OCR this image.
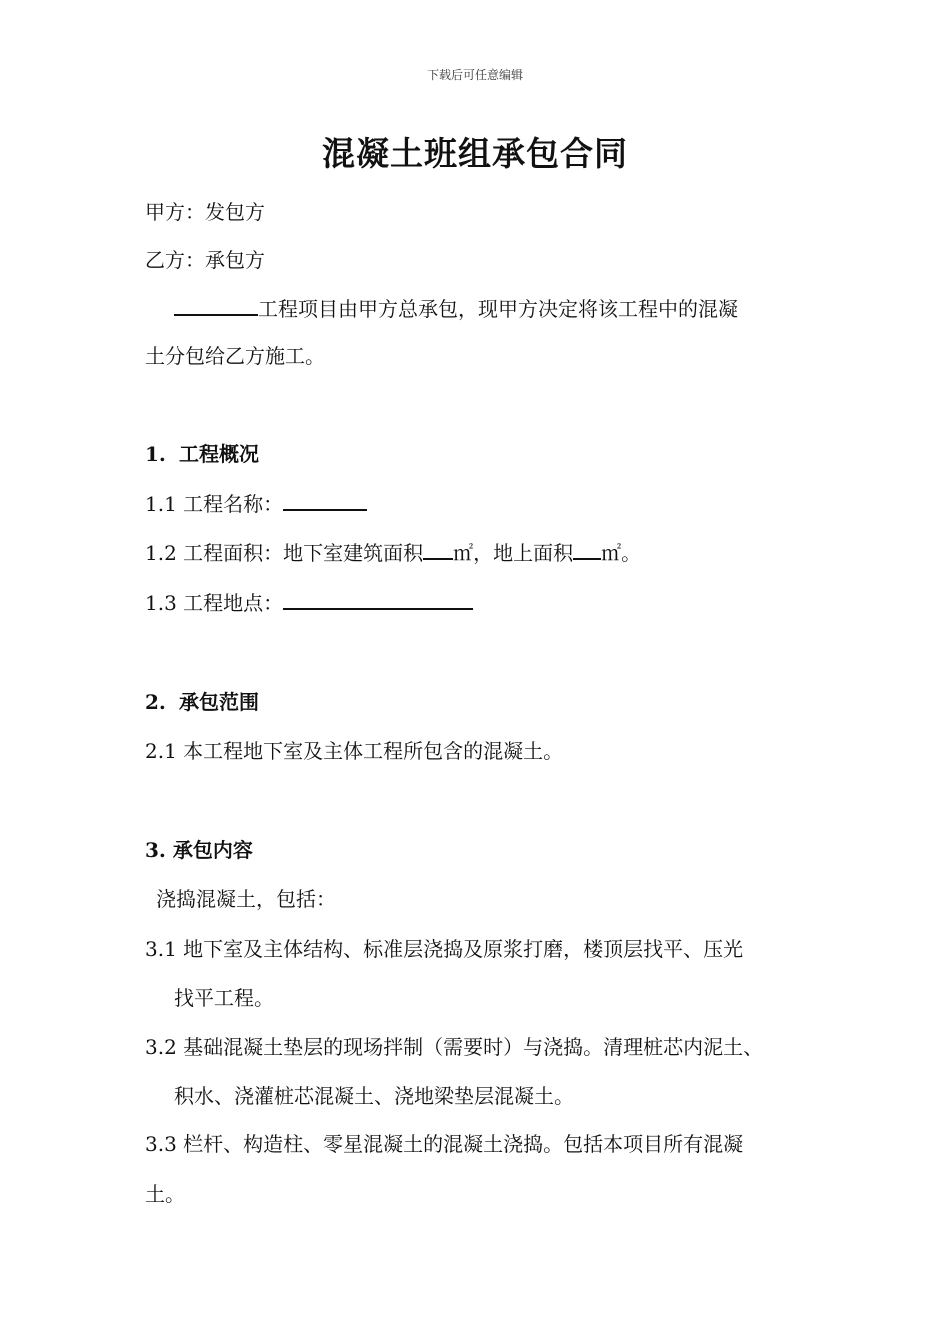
下载后可任意编辑
混凝土班组承包合同
甲方：发包方
乙方：承包方
工程项目由甲方总承包，现甲方决定将该工程中的混凝
土分包给乙方施工。
1. 工程概况
1.1 工程名称：
1.2 工程面积：地下室建筑面积 ㎡，地上面积 ㎡。
1.3 工程地点：
2. 承包范围
2.1 本工程地下室及主体工程所包含的混凝土。
3. 承包内容
浇捣混凝土，包括：
3.1 地下室及主体结构、标准层浇捣及原浆打磨，楼顶层找平、压光
找平工程。
3.2 基础混凝土垫层的现场拌制（需要时）与浇捣。清理桩芯内泥土、
积水、浇灌桩芯混凝土、浇地梁垫层混凝土。
3.3 栏杆、构造柱、零星混凝土的混凝土浇捣。包括本项目所有混凝
土。
